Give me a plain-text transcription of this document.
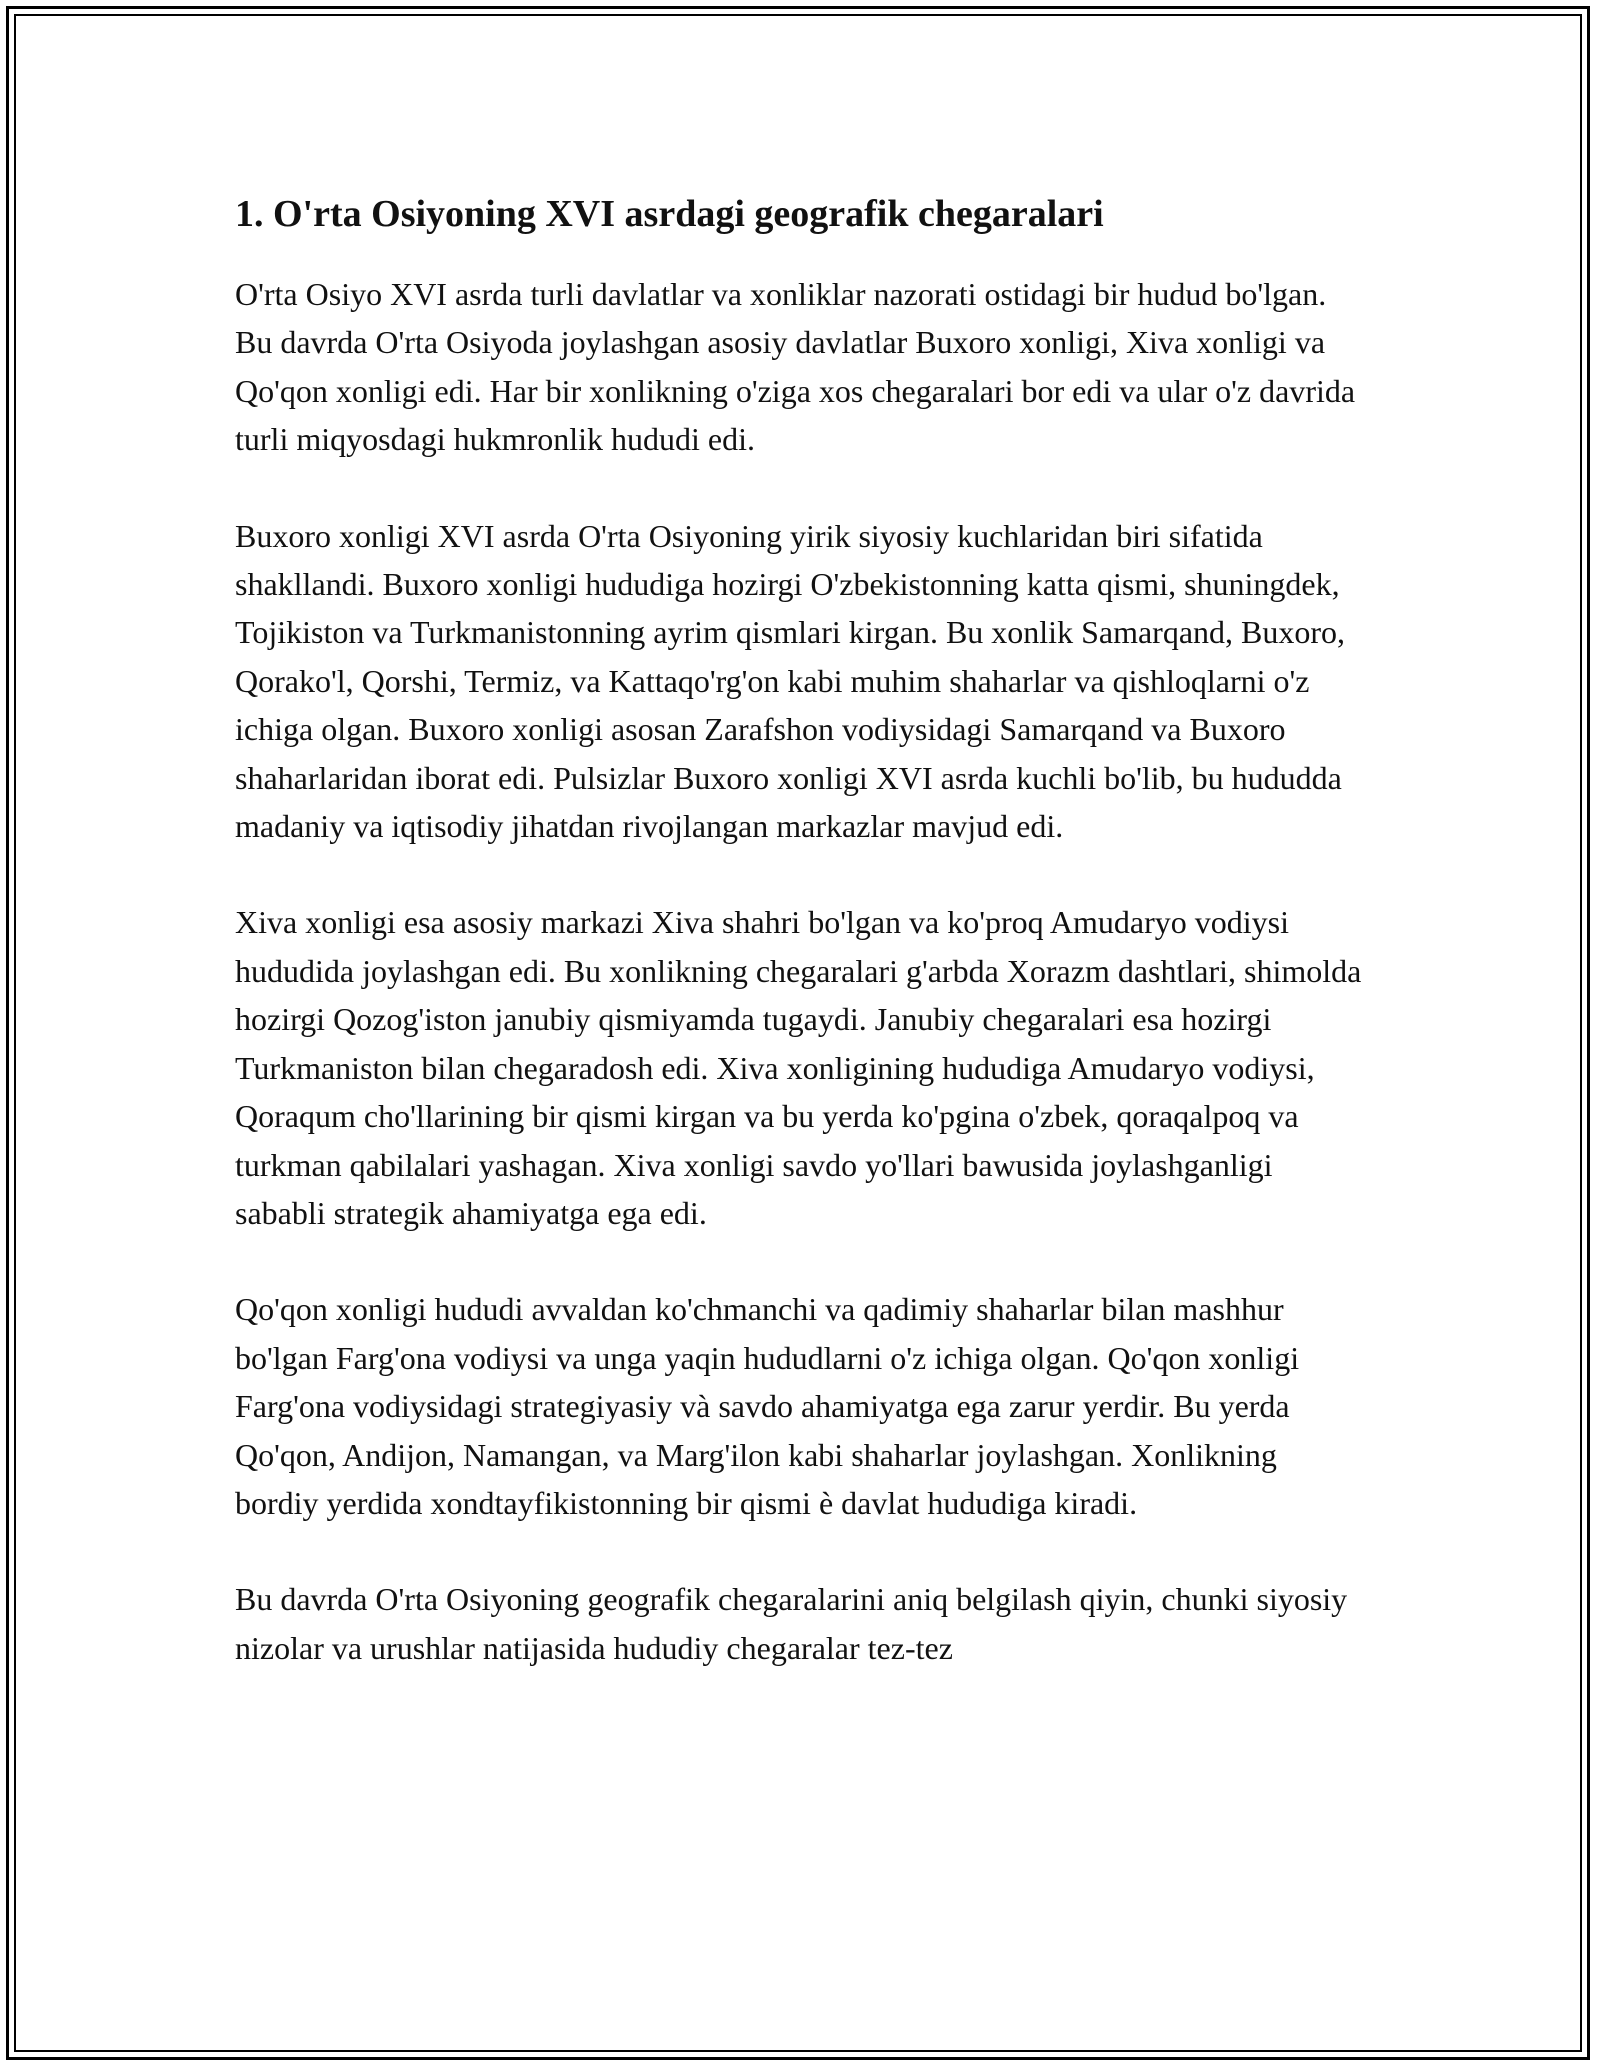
1. O'rta Osiyoning XVI asrdagi geografik chegaralari

O'rta Osiyo XVI asrda turli davlatlar va xonliklar nazorati ostidagi bir hudud bo'lgan. Bu davrda O'rta Osiyoda joylashgan asosiy davlatlar Buxoro xonligi, Xiva xonligi va Qo'qon xonligi edi. Har bir xonlikning o'ziga xos chegaralari bor edi va ular o'z davrida turli miqyosdagi hukmronlik hududi edi.

Buxoro xonligi XVI asrda O'rta Osiyoning yirik siyosiy kuchlaridan biri sifatida shakllandi. Buxoro xonligi hududiga hozirgi O'zbekistonning katta qismi, shuningdek, Tojikiston va Turkmanistonning ayrim qismlari kirgan. Bu xonlik Samarqand, Buxoro, Qorako'l, Qorshi, Termiz, va Kattaqo'rg'on kabi muhim shaharlar va qishloqlarni o'z ichiga olgan. Buxoro xonligi asosan Zarafshon vodiysidagi Samarqand va Buxoro shaharlaridan iborat edi. Pulsizlar Buxoro xonligi XVI asrda kuchli bo'lib, bu hududda madaniy va iqtisodiy jihatdan rivojlangan markazlar mavjud edi.

Xiva xonligi esa asosiy markazi Xiva shahri bo'lgan va ko'proq Amudaryo vodiysi hududida joylashgan edi. Bu xonlikning chegaralari g'arbda Xorazm dashtlari, shimolda hozirgi Qozog'iston janubiy qismiyamda tugaydi. Janubiy chegaralari esa hozirgi Turkmaniston bilan chegaradosh edi. Xiva xonligining hududiga Amudaryo vodiysi, Qoraqum cho'llarining bir qismi kirgan va bu yerda ko'pgina o'zbek, qoraqalpoq va turkman qabilalari yashagan. Xiva xonligi savdo yo'llari bawusida joylashganligi sababli strategik ahamiyatga ega edi.

Qo'qon xonligi hududi avvaldan ko'chmanchi va qadimiy shaharlar bilan mashhur bo'lgan Farg'ona vodiysi va unga yaqin hududlarni o'z ichiga olgan. Qo'qon xonligi Farg'ona vodiysidagi strategiyasiy và savdo ahamiyatga ega zarur yerdir. Bu yerda Qo'qon, Andijon, Namangan, va Marg'ilon kabi shaharlar joylashgan. Xonlikning bordiy yerdida xondtayfikistonning bir qismi è davlat hududiga kiradi.

Bu davrda O'rta Osiyoning geografik chegaralarini aniq belgilash qiyin, chunki siyosiy nizolar va urushlar natijasida hududiy chegaralar tez-tez
